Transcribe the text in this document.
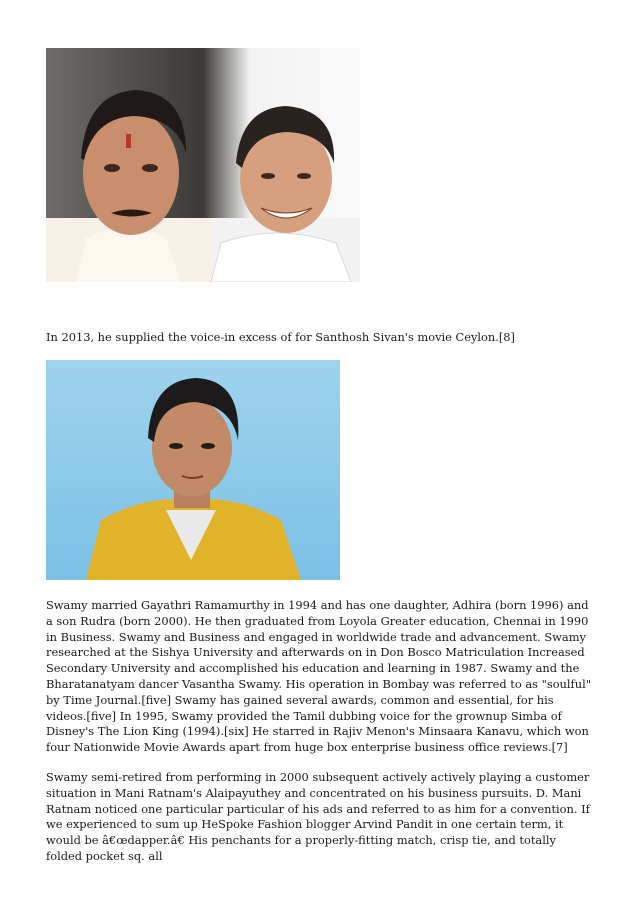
In 2013, he supplied the voice-in excess of for Santhosh Sivan's movie Ceylon.[8]

Swamy married Gayathri Ramamurthy in 1994 and has one daughter, Adhira (born 1996) and a son Rudra (born 2000). He then graduated from Loyola Greater education, Chennai in 1990 in Business. Swamy and Business and engaged in worldwide trade and advancement. Swamy researched at the Sishya University and afterwards on in Don Bosco Matriculation Increased Secondary University and accomplished his education and learning in 1987. Swamy and the Bharatanatyam dancer Vasantha Swamy. His operation in Bombay was referred to as "soulful" by Time Journal.[five] Swamy has gained several awards, common and essential, for his videos.[five] In 1995, Swamy provided the Tamil dubbing voice for the grownup Simba of Disney's The Lion King (1994).[six] He starred in Rajiv Menon's Minsaara Kanavu, which won four Nationwide Movie Awards apart from huge box enterprise business office reviews.[7]

Swamy semi-retired from performing in 2000 subsequent actively actively playing a customer situation in Mani Ratnam's Alaipayuthey and concentrated on his business pursuits. D. Mani Ratnam noticed one particular particular of his ads and referred to as him for a convention. If we experienced to sum up HeSpoke Fashion blogger Arvind Pandit in one certain term, it would be â€œdapper.â€ His penchants for a properly-fitting match, crisp tie, and totally folded pocket sq. all
